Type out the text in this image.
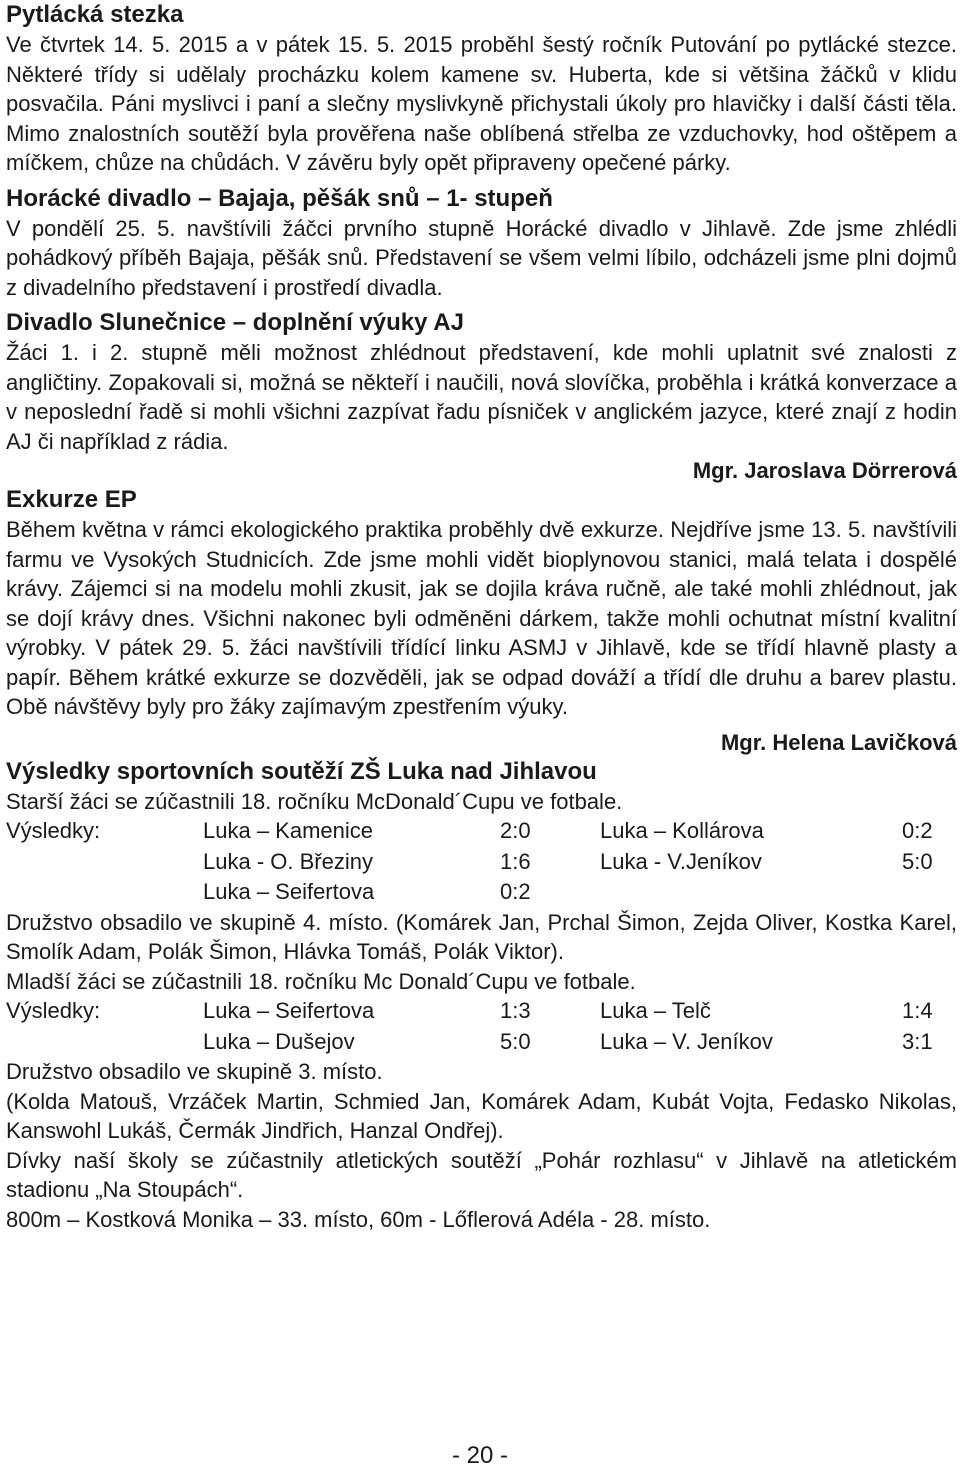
Pytlácká stezka

Ve čtvrtek 14. 5. 2015 a v pátek 15. 5. 2015 proběhl šestý ročník Putování po pytlácké stezce. Některé třídy si udělaly procházku kolem kamene sv. Huberta, kde si většina žáčků v klidu posvačila. Páni myslivci i paní a slečny myslivkyně přichystali úkoly pro hlavičky i další části těla. Mimo znalostních soutěží byla prověřena naše oblíbená střelba ze vzduchovky, hod oštěpem a míčkem, chůze na chůdách. V závěru byly opět připraveny opečené párky.

Horácké divadlo – Bajaja, pěšák snů – 1- stupeň

V pondělí 25. 5. navštívili žáčci prvního stupně Horácké divadlo v Jihlavě. Zde jsme zhlédli pohádkový příběh Bajaja, pěšák snů. Představení se všem velmi líbilo, odcházeli jsme plni dojmů z divadelního představení i prostředí divadla.

Divadlo Slunečnice – doplnění výuky AJ

Žáci 1. i 2. stupně měli možnost zhlédnout představení, kde mohli uplatnit své znalosti z angličtiny. Zopakovali si, možná se někteří i naučili, nová slovíčka, proběhla i krátká konverzace a v neposlední řadě si mohli všichni zazpívat řadu písniček v anglickém jazyce, které znají z hodin AJ či například z rádia.

Mgr. Jaroslava Dörrerová

Exkurze EP

Během května v rámci ekologického praktika proběhly dvě exkurze. Nejdříve jsme 13. 5. navštívili farmu ve Vysokých Studnicích. Zde jsme mohli vidět bioplynovou stanici, malá telata i dospělé krávy. Zájemci si na modelu mohli zkusit, jak se dojila kráva ručně, ale také mohli zhlédnout, jak se dojí krávy dnes. Všichni nakonec byli odměněni dárkem, takže mohli ochutnat místní kvalitní výrobky. V pátek 29. 5. žáci navštívili třídící linku ASMJ v Jihlavě, kde se třídí hlavně plasty a papír. Během krátké exkurze se dozvěděli, jak se odpad dováží a třídí dle druhu a barev plastu. Obě návštěvy byly pro žáky zajímavým zpestřením výuky.

Mgr. Helena Lavičková

Výsledky sportovních soutěží ZŠ Luka nad Jihlavou

Starší žáci se zúčastnili 18. ročníku McDonald´Cupu ve fotbale.

Výsledky:	Luka – Kamenice	2:0	Luka – Kollárova	0:2
	Luka - O. Březiny	1:6	Luka - V.Jeníkov	5:0
	Luka – Seifertova	0:2		

Družstvo obsadilo ve skupině 4. místo. (Komárek Jan, Prchal Šimon, Zejda Oliver, Kostka Karel, Smolík Adam, Polák Šimon, Hlávka Tomáš, Polák Viktor).

Mladší žáci se zúčastnili 18. ročníku Mc Donald´Cupu ve fotbale.

Výsledky:	Luka – Seifertova	1:3	Luka – Telč	1:4
	Luka – Dušejov	5:0	Luka – V. Jeníkov	3:1

Družstvo obsadilo ve skupině 3. místo.

(Kolda Matouš, Vrzáček Martin, Schmied Jan, Komárek Adam, Kubát Vojta, Fedasko Nikolas, Kanswohl Lukáš, Čermák Jindřich, Hanzal Ondřej).

Dívky naší školy se zúčastnily atletických soutěží „Pohár rozhlasu“ v Jihlavě na atletickém stadionu „Na Stoupách“.

800m – Kostková Monika – 33. místo, 60m - Lőflerová Adéla - 28. místo.

- 20 -
